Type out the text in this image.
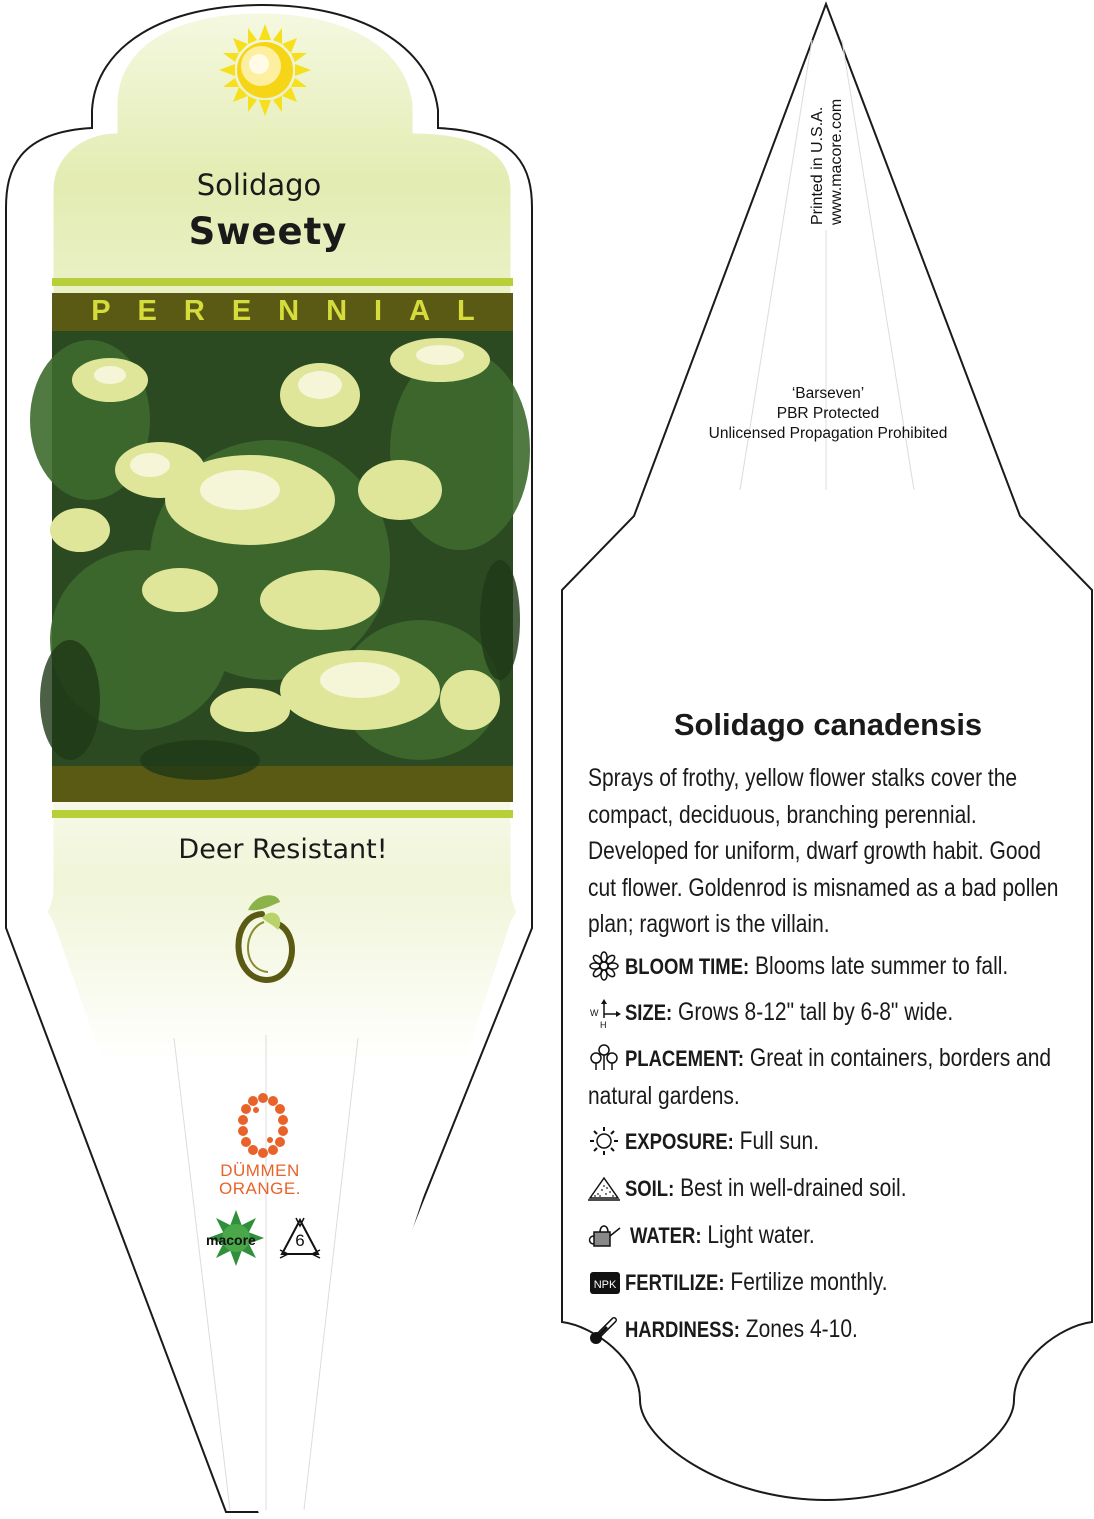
W
H
NPK
Solidago
Sweety
PERENNIAL
Deer Resistant!
DÜMMEN ORANGE.
macore	6
Printed in U.S.A. www.macore.com
‘Barseven’
PBR Protected
Unlicensed Propagation Prohibited
Solidago canadensis
Sprays of frothy, yellow flower stalks cover the compact, deciduous, branching perennial. Developed for uniform, dwarf growth habit. Good cut flower. Goldenrod is misnamed as a bad pollen plan; ragwort is the villain.
BLOOM TIME: Blooms late summer to fall.
SIZE: Grows 8-12" tall by 6-8" wide.
PLACEMENT: Great in containers, borders and natural gardens.
EXPOSURE: Full sun.
SOIL: Best in well-drained soil.
WATER: Light water.
FERTILIZE: Fertilize monthly.
HARDINESS: Zones 4-10.
